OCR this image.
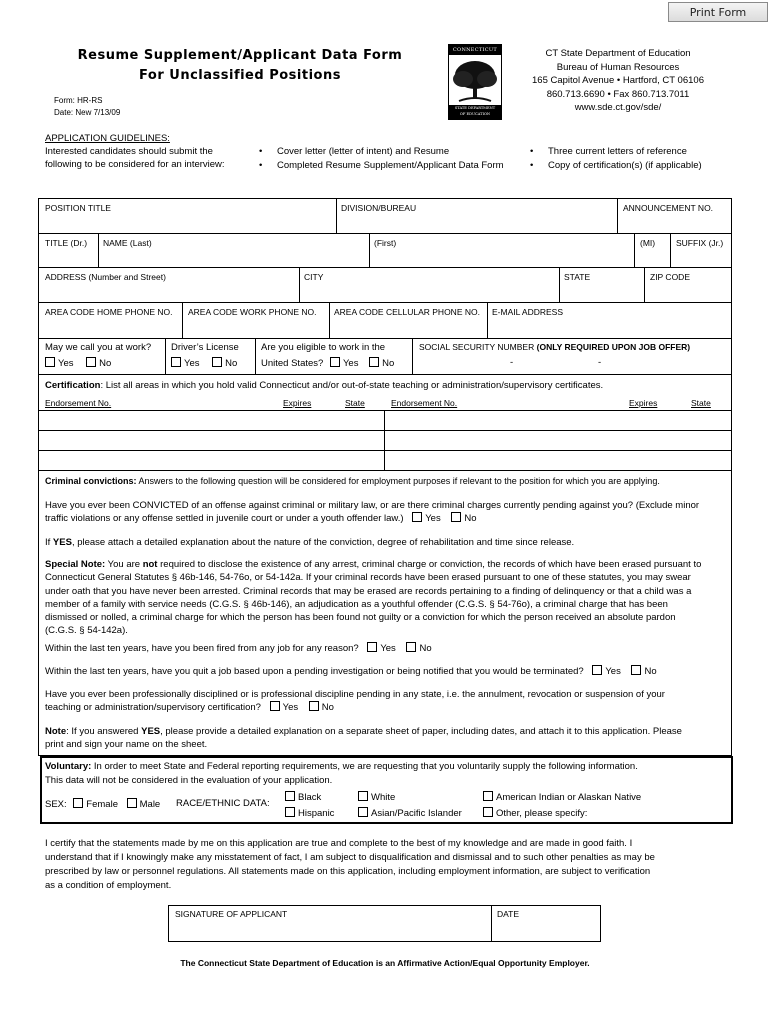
Print Form
Resume Supplement/Applicant Data Form
For Unclassified Positions
Form: HR-RS
Date: New 7/13/09
CONNECTICUT
STATE DEPARTMENT
OF EDUCATION
CT State Department of Education
Bureau of Human Resources
165 Capitol Avenue • Hartford, CT 06106
860.713.6690 • Fax 860.713.7011
www.sde.ct.gov/sde/
APPLICATION GUIDELINES:
Interested candidates should submit the
following to be considered for an interview:
• Cover letter (letter of intent) and Resume
• Completed Resume Supplement/Applicant Data Form
• Three current letters of reference
• Copy of certification(s) (if applicable)
POSITION TITLE	DIVISION/BUREAU	ANNOUNCEMENT NO.
TITLE (Dr.) NAME (Last)	(First)	(MI) SUFFIX (Jr.)
ADDRESS (Number and Street)	CITY	STATE	ZIP CODE
AREA CODE HOME PHONE NO. AREA CODE WORK PHONE NO. AREA CODE CELLULAR PHONE NO. E-MAIL ADDRESS
May we call you at work?
Yes	No
Driver’s License
Yes	No
Are you eligible to work in the
United States? Yes No
SOCIAL SECURITY NUMBER (ONLY REQUIRED UPON JOB OFFER)
-	-
Certification: List all areas in which you hold valid Connecticut and/or out-of-state teaching or administration/supervisory certificates.
Endorsement No.	Expires	State	Endorsement No.	Expires	State
Criminal convictions: Answers to the following question will be considered for employment purposes if relevant to the position for which you are applying.
Have you ever been CONVICTED of an offense against criminal or military law, or are there criminal charges currently pending against you? (Exclude minor
traffic violations or any offense settled in juvenile court or under a youth offender law.) Yes No
If YES, please attach a detailed explanation about the nature of the conviction, degree of rehabilitation and time since release.
Special Note: You are not required to disclose the existence of any arrest, criminal charge or conviction, the records of which have been erased pursuant to
Connecticut General Statutes § 46b-146, 54-76o, or 54-142a. If your criminal records have been erased pursuant to one of these statutes, you may swear
under oath that you have never been arrested. Criminal records that may be erased are records pertaining to a finding of delinquency or that a child was a
member of a family with service needs (C.G.S. § 46b-146), an adjudication as a youthful offender (C.G.S. § 54-76o), a criminal charge that has been
dismissed or nolled, a criminal charge for which the person has been found not guilty or a conviction for which the person received an absolute pardon
(C.G.S. § 54-142a).
Within the last ten years, have you been fired from any job for any reason? Yes No
Within the last ten years, have you quit a job based upon a pending investigation or being notified that you would be terminated? Yes No
Have you ever been professionally disciplined or is professional discipline pending in any state, i.e. the annulment, revocation or suspension of your
teaching or administration/supervisory certification? Yes No
Note: If you answered YES, please provide a detailed explanation on a separate sheet of paper, including dates, and attach it to this application. Please
print and sign your name on the sheet.
Voluntary: In order to meet State and Federal reporting requirements, we are requesting that you voluntarily supply the following information.
This data will not be considered in the evaluation of your application.
SEX: Female Male RACE/ETHNIC DATA:
Black
Hispanic
White
Asian/Pacific Islander
American Indian or Alaskan Native
Other, please specify:
I certify that the statements made by me on this application are true and complete to the best of my knowledge and are made in good faith. I
understand that if I knowingly make any misstatement of fact, I am subject to disqualification and dismissal and to such other penalties as may be
prescribed by law or personnel regulations. All statements made on this application, including employment information, are subject to verification
as a condition of employment.
SIGNATURE OF APPLICANT	DATE
The Connecticut State Department of Education is an Affirmative Action/Equal Opportunity Employer.
